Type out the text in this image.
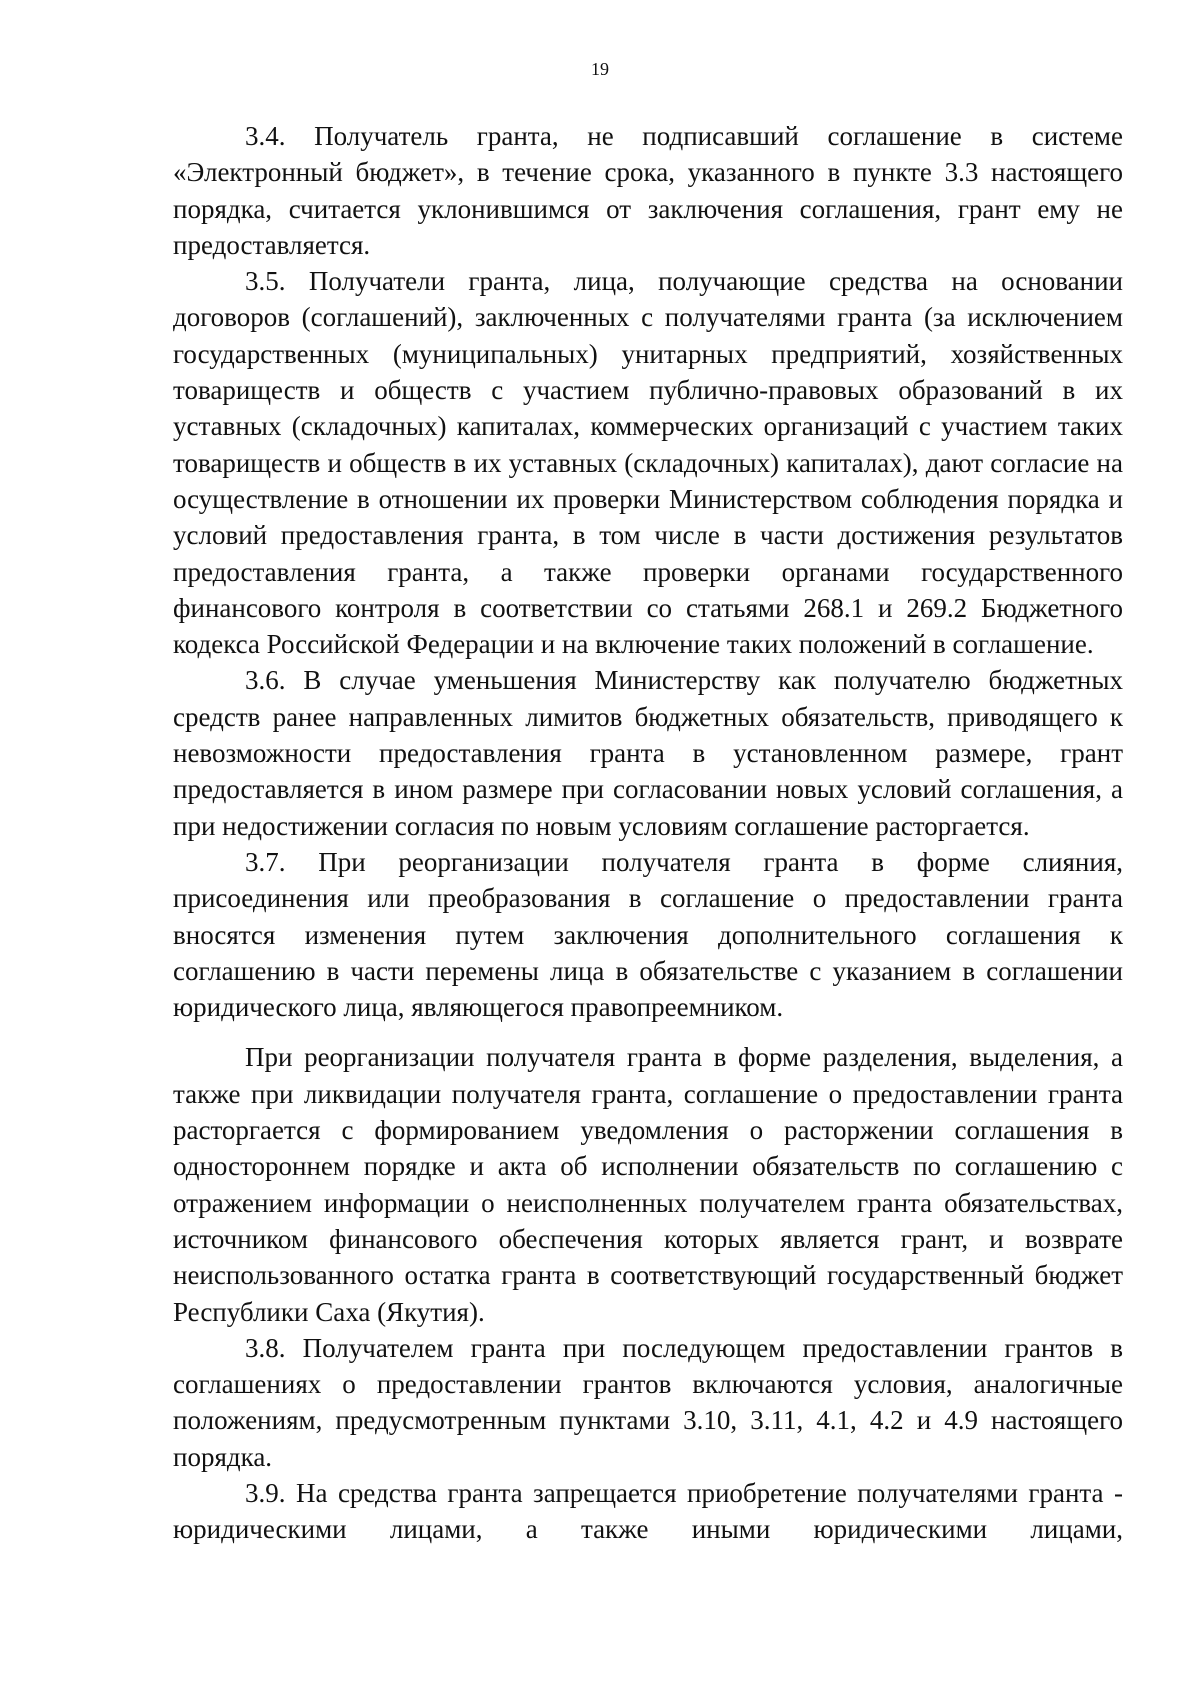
19

3.4. Получатель гранта, не подписавший соглашение в системе «Электронный бюджет», в течение срока, указанного в пункте 3.3 настоящего порядка, считается уклонившимся от заключения соглашения, грант ему не предоставляется.

3.5. Получатели гранта, лица, получающие средства на основании договоров (соглашений), заключенных с получателями гранта (за исключением государственных (муниципальных) унитарных предприятий, хозяйственных товариществ и обществ с участием публично-правовых образований в их уставных (складочных) капиталах, коммерческих организаций с участием таких товариществ и обществ в их уставных (складочных) капиталах), дают согласие на осуществление в отношении их проверки Министерством соблюдения порядка и условий предоставления гранта, в том числе в части достижения результатов предоставления гранта, а также проверки органами государственного финансового контроля в соответствии со статьями 268.1 и 269.2 Бюджетного кодекса Российской Федерации и на включение таких положений в соглашение.

3.6. В случае уменьшения Министерству как получателю бюджетных средств ранее направленных лимитов бюджетных обязательств, приводящего к невозможности предоставления гранта в установленном размере, грант предоставляется в ином размере при согласовании новых условий соглашения, а при недостижении согласия по новым условиям соглашение расторгается.

3.7. При реорганизации получателя гранта в форме слияния, присоединения или преобразования в соглашение о предоставлении гранта вносятся изменения путем заключения дополнительного соглашения к соглашению в части перемены лица в обязательстве с указанием в соглашении юридического лица, являющегося правопреемником.

При реорганизации получателя гранта в форме разделения, выделения, а также при ликвидации получателя гранта, соглашение о предоставлении гранта расторгается с формированием уведомления о расторжении соглашения в одностороннем порядке и акта об исполнении обязательств по соглашению с отражением информации о неисполненных получателем гранта обязательствах, источником финансового обеспечения которых является грант, и возврате неиспользованного остатка гранта в соответствующий государственный бюджет Республики Саха (Якутия).

3.8. Получателем гранта при последующем предоставлении грантов в соглашениях о предоставлении грантов включаются условия, аналогичные положениям, предусмотренным пунктами 3.10, 3.11, 4.1, 4.2 и 4.9 настоящего порядка.

3.9. На средства гранта запрещается приобретение получателями гранта - юридическими лицами, а также иными юридическими лицами,
